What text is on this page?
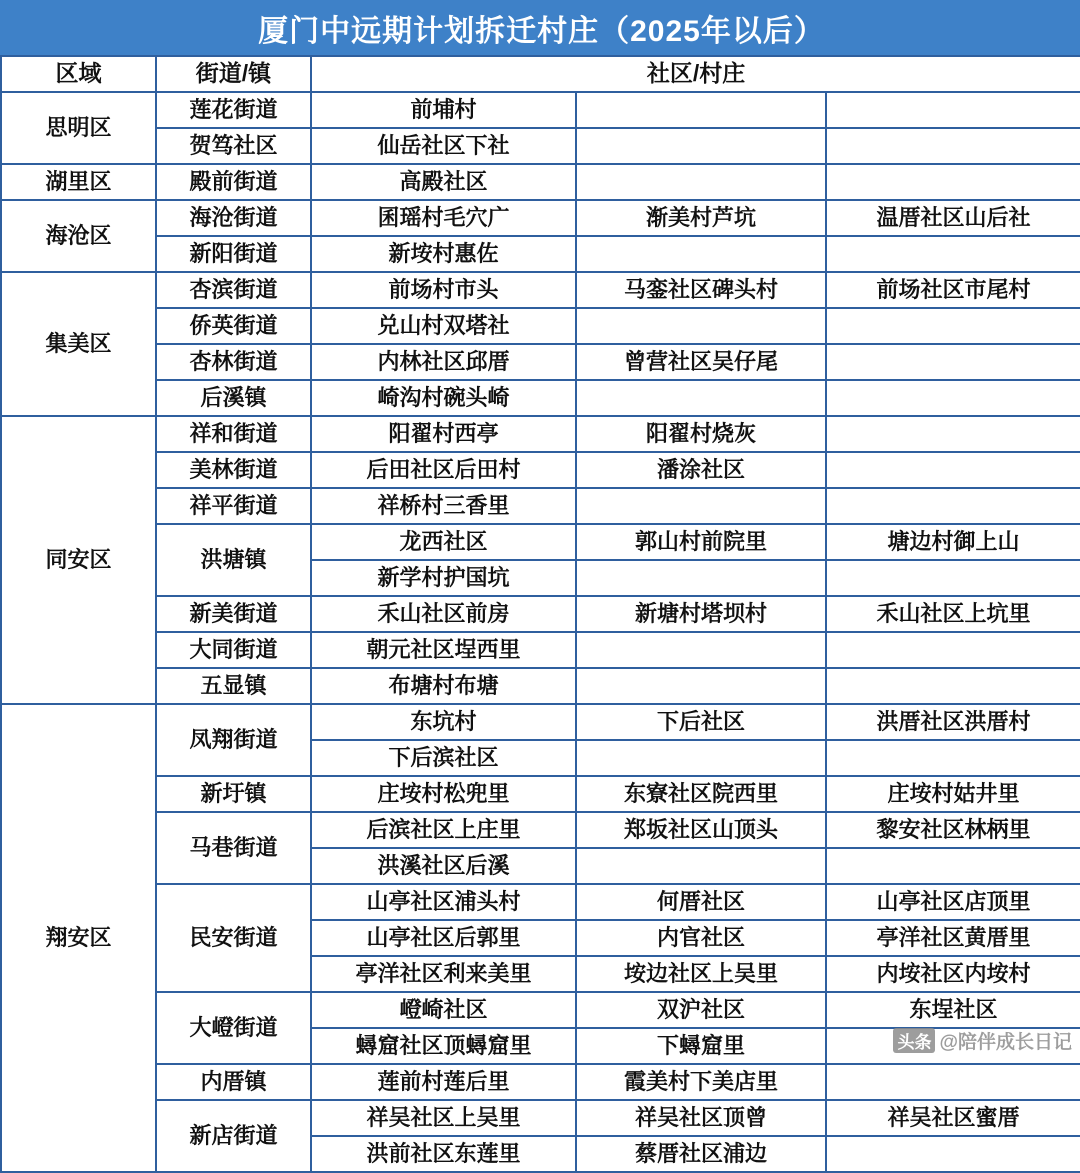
厦门中远期计划拆迁村庄（2025年以后）
区域	街道/镇	社区/村庄		
思明区	莲花街道	前埔村		
	贺笃社区	仙岳社区下社		
湖里区	殿前街道	高殿社区		
海沧区	海沧街道	囷瑶村毛穴广	渐美村芦坑	温厝社区山后社
	新阳街道	新垵村惠佐		
集美区	杏滨街道	前场村市头	马銮社区碑头村	前场社区市尾村
	侨英街道	兑山村双塔社		
	杏林街道	内林社区邱厝	曾营社区吴仔尾	
	后溪镇	崎沟村碗头崎		
同安区	祥和街道	阳翟村西亭	阳翟村烧灰	
	美林街道	后田社区后田村	潘涂社区	
	祥平街道	祥桥村三香里		
	洪塘镇	龙西社区	郭山村前院里	塘边村御上山
		新学村护国坑		
	新美街道	禾山社区前房	新塘村塔坝村	禾山社区上坑里
	大同街道	朝元社区埕西里		
	五显镇	布塘村布塘		
翔安区	凤翔街道	东坑村	下后社区	洪厝社区洪厝村
		下后滨社区		
	新圩镇	庄垵村松兜里	东寮社区院西里	庄垵村姑井里
	马巷街道	后滨社区上庄里	郑坂社区山顶头	黎安社区林柄里
		洪溪社区后溪		
	民安街道	山亭社区浦头村	何厝社区	山亭社区店顶里
		山亭社区后郭里	内官社区	亭洋社区黄厝里
		亭洋社区利来美里	垵边社区上吴里	内垵社区内垵村
	大嶝街道	嶝崎社区	双沪社区	东埕社区
		蟳窟社区顶蟳窟里	下蟳窟里	
	内厝镇	莲前村莲后里	霞美村下美店里	
	新店街道	祥吴社区上吴里	祥吴社区顶曾	祥吴社区蜜厝
		洪前社区东莲里	蔡厝社区浦边	
头条 @陪伴成长日记
